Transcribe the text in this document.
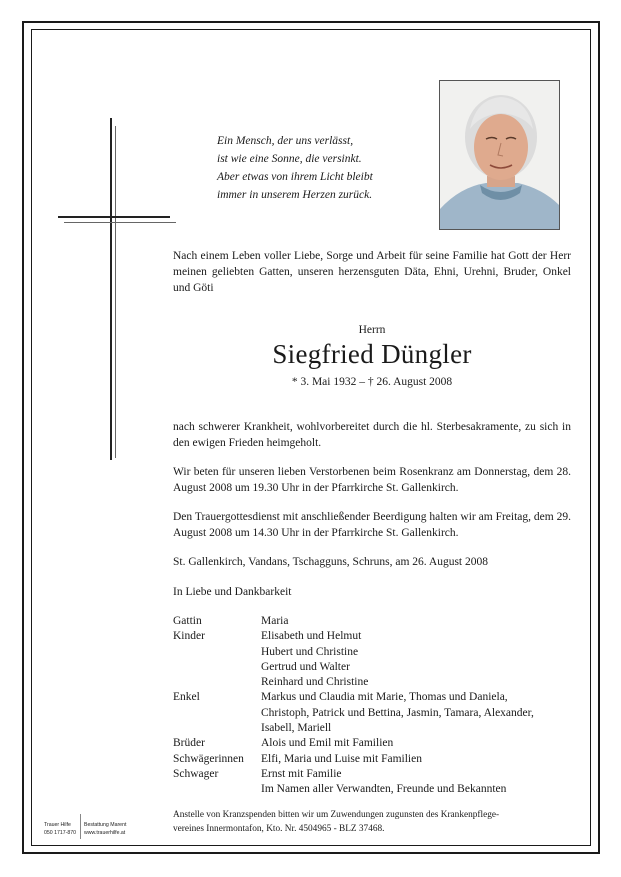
Ein Mensch, der uns verlässt,
ist wie eine Sonne, die versinkt.
Aber etwas von ihrem Licht bleibt
immer in unserem Herzen zurück.
Nach einem Leben voller Liebe, Sorge und Arbeit für seine Familie hat Gott der Herr meinen geliebten Gatten, unseren herzensguten Däta, Ehni, Urehni, Bruder, Onkel und Göti
Herrn
Siegfried Düngler
* 3. Mai 1932 – † 26. August 2008
nach schwerer Krankheit, wohlvorbereitet durch die hl. Sterbesakramente, zu sich in den ewigen Frieden heimgeholt.
Wir beten für unseren lieben Verstorbenen beim Rosenkranz am Donnerstag, dem 28. August 2008 um 19.30 Uhr in der Pfarrkirche St. Gallenkirch.
Den Trauergottesdienst mit anschließender Beerdigung halten wir am Freitag, dem 29. August 2008 um 14.30 Uhr in der Pfarrkirche St. Gallenkirch.
St. Gallenkirch, Vandans, Tschagguns, Schruns, am 26. August 2008
In Liebe und Dankbarkeit
Gattin	Maria
Kinder	Elisabeth und Helmut
	Hubert und Christine
	Gertrud und Walter
	Reinhard und Christine
Enkel	Markus und Claudia mit Marie, Thomas und Daniela,
	Christoph, Patrick und Bettina, Jasmin, Tamara, Alexander,
	Isabell, Mariell
Brüder	Alois und Emil mit Familien
Schwägerinnen	Elfi, Maria und Luise mit Familien
Schwager	Ernst mit Familie
	Im Namen aller Verwandten, Freunde und Bekannten
Anstelle von Kranzspenden bitten wir um Zuwendungen zugunsten des Krankenpflege-
vereines Innermontafon, Kto. Nr. 4504965 - BLZ 37468.
Trauer Hilfe
050 1717-870
Bestattung Marent
www.trauerhilfe.at
